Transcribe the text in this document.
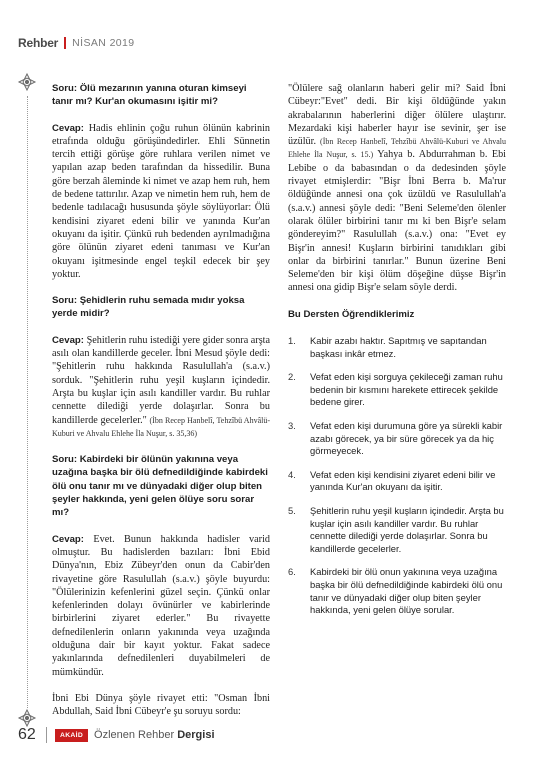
Rehber NİSAN 2019
Soru: Ölü mezarının yanına oturan kimseyi tanır mı? Kur'an okumasını işitir mi?

Cevap: Hadis ehlinin çoğu ruhun ölünün kabrinin etrafında olduğu görüşündedirler. Ehli Sünnetin tercih ettiği görüşe göre ruhlara verilen nimet ve yapılan azap beden tarafından da hissedilir. Buna göre berzah âleminde ki nimet ve azap hem ruh, hem de bedene tattırılır. Azap ve nimetin hem ruh, hem de bedenle tadılacağı hususunda şöyle söylüyorlar: Ölü kendisini ziyaret edeni bilir ve yanında Kur'an okuyanı da işitir. Çünkü ruh bedenden ayrılmadığına göre ölünün ziyaret edeni tanıması ve Kur'an okuyanı işitmesinde engel teşkil edecek bir şey yoktur.

Soru: Şehidlerin ruhu semada mıdır yoksa yerde midir?

Cevap: Şehitlerin ruhu istediği yere gider sonra arşta asılı olan kandillerde geceler. İbni Mesud şöyle dedi: "Şehitlerin ruhu hakkında Rasulullah'a (s.a.v.) sorduk. "Şehitlerin ruhu yeşil kuşların içindedir. Arşta bu kuşlar için asılı kandiller vardır. Bu ruhlar cennette dilediği yerde dolaşırlar. Sonra bu kandillerde gecelerler." (İbn Recep Hanbelî, Tehzîbü Ahvâlü-Kuburi ve Ahvalu Ehlehe İla Nuşur, s. 35,36)

Soru: Kabirdeki bir ölünün yakınına veya uzağına başka bir ölü defnedildiğinde kabirdeki ölü onu tanır mı ve dünyadaki diğer olup biten şeyler hakkında, yeni gelen ölüye soru sorar mı?

Cevap: Evet. Bunun hakkında hadisler varid olmuştur. Bu hadislerden bazıları: İbni Ebid Dünya'nın, Ebiz Zübeyr'den onun da Cabir'den rivayetine göre Rasulullah (s.a.v.) şöyle buyurdu: "Ölülerinizin kefenlerini güzel seçin. Çünkü onlar kefenlerinden dolayı övünürler ve kabirlerinde birbirlerini ziyaret ederler." Bu rivayette defnedilenlerin onların yakınında veya uzağında olduğuna dair bir kayıt yoktur. Fakat sadece yakınlarında defnedilenleri duyabilmeleri de mümkündür.

İbni Ebi Dünya şöyle rivayet etti: "Osman İbni Abdullah, Said İbni Cübeyr'e şu soruyu sordu:

"Ölülere sağ olanların haberi gelir mi? Said İbni Cübeyr:"Evet" dedi. Bir kişi öldüğünde yakın akrabalarının haberlerini diğer ölülere ulaştırır. Mezardaki kişi haberler hayır ise sevinir, şer ise üzülür. (İbn Recep Hanbelî, Tehzîbü Ahvâlü-Kuburi ve Ahvalu Ehlehe İla Nuşur, s. 15.) Yahya b. Abdurrahman b. Ebi Lebibe o da babasından o da dedesinden şöyle rivayet etmişlerdir: "Bişr İbni Berra b. Ma'rur öldüğünde annesi ona çok üzüldü ve Rasulullah'a (s.a.v.) annesi şöyle dedi: "Beni Seleme'den ölenler olarak ölüler birbirini tanır mı ki ben Bişr'e selam göndereyim?" Rasulullah (s.a.v.) ona: "Evet ey Bişr'in annesi! Kuşların birbirini tanıdıkları gibi onlar da birbirini tanırlar." Bunun üzerine Beni Seleme'den bir kişi ölüm döşeğine düşse Bişr'in annesi ona gidip Bişr'e selam söyle derdi.

Bu Dersten Öğrendiklerimiz
1.	Kabir azabı haktır. Sapıtmış ve sapıtandan başkası inkâr etmez.
2.	Vefat eden kişi sorguya çekileceği zaman ruhu bedenin bir kısmını harekete ettirecek şekilde bedene girer.
3.	Vefat eden kişi durumuna göre ya sürekli kabir azabı görecek, ya bir süre görecek ya da hiç görmeyecek.
4.	Vefat eden kişi kendisini ziyaret edeni bilir ve yanında Kur'an okuyanı da işitir.
5.	Şehitlerin ruhu yeşil kuşların içindedir. Arşta bu kuşlar için asılı kandiller vardır. Bu ruhlar cennette dilediği yerde dolaşırlar. Sonra bu kandillerde gecelerler.
6.	Kabirdeki bir ölü onun yakınına veya uzağına başka bir ölü defnedildiğinde kabirdeki ölü onu tanır ve dünyadaki diğer olup biten şeyler hakkında, yeni gelen ölüye sorular.
62	AKAİD	Özlenen Rehber Dergisi
